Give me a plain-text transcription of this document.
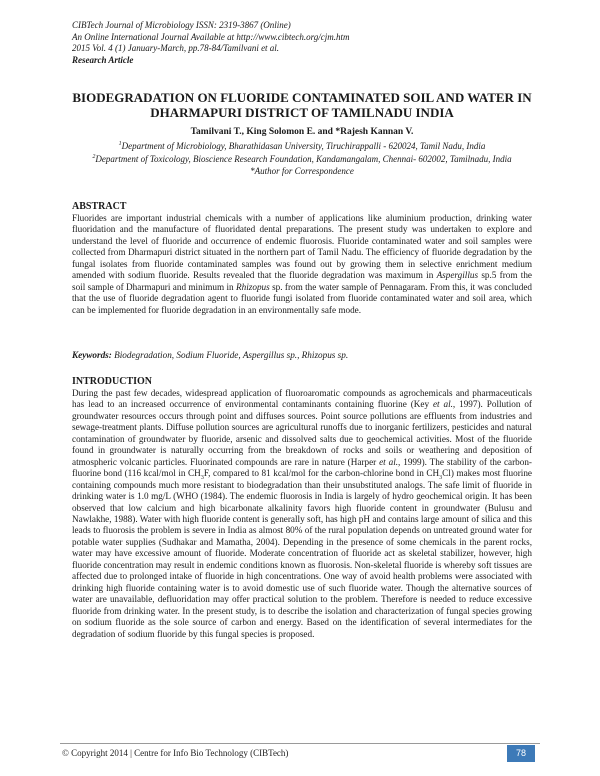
CIBTech Journal of Microbiology ISSN: 2319-3867 (Online)
An Online International Journal Available at http://www.cibtech.org/cjm.htm
2015 Vol. 4 (1) January-March, pp.78-84/Tamilvani et al.
Research Article
BIODEGRADATION ON FLUORIDE CONTAMINATED SOIL AND WATER IN DHARMAPURI DISTRICT OF TAMILNADU INDIA
Tamilvani T., King Solomon E. and *Rajesh Kannan V.
$^1$Department of Microbiology, Bharathidasan University, Tiruchirappalli - 620024, Tamil Nadu, India
$^2$Department of Toxicology, Bioscience Research Foundation, Kandamangalam, Chennai- 602002, Tamilnadu, India
*Author for Correspondence
ABSTRACT
Fluorides are important industrial chemicals with a number of applications like aluminium production, drinking water fluoridation and the manufacture of fluoridated dental preparations. The present study was undertaken to explore and understand the level of fluoride and occurrence of endemic fluorosis. Fluoride contaminated water and soil samples were collected from Dharmapuri district situated in the northern part of Tamil Nadu. The efficiency of fluoride degradation by the fungal isolates from fluoride contaminated samples was found out by growing them in selective enrichment medium amended with sodium fluoride. Results revealed that the fluoride degradation was maximum in Aspergillus sp.5 from the soil sample of Dharmapuri and minimum in Rhizopus sp. from the water sample of Pennagaram. From this, it was concluded that the use of fluoride degradation agent to fluoride fungi isolated from fluoride contaminated water and soil area, which can be implemented for fluoride degradation in an environmentally safe mode.
Keywords: Biodegradation, Sodium Fluoride, Aspergillus sp., Rhizopus sp.
INTRODUCTION
During the past few decades, widespread application of fluoroaromatic compounds as agrochemicals and pharmaceuticals has lead to an increased occurrence of environmental contaminants containing fluorine (Key et al., 1997). Pollution of groundwater resources occurs through point and diffuses sources. Point source pollutions are effluents from industries and sewage-treatment plants. Diffuse pollution sources are agricultural runoffs due to inorganic fertilizers, pesticides and natural contamination of groundwater by fluoride, arsenic and dissolved salts due to geochemical activities. Most of the fluoride found in groundwater is naturally occurring from the breakdown of rocks and soils or weathering and deposition of atmospheric volcanic particles. Fluorinated compounds are rare in nature (Harper et al., 1999). The stability of the carbon-fluorine bond (116 kcal/mol in $CH_3F$, compared to 81 kcal/mol for the carbon-chlorine bond in $CH_3Cl$) makes most fluorine containing compounds much more resistant to biodegradation than their unsubstituted analogs. The safe limit of fluoride in drinking water is 1.0 mg/L (WHO (1984). The endemic fluorosis in India is largely of hydro geochemical origin. It has been observed that low calcium and high bicarbonate alkalinity favors high fluoride content in groundwater (Bulusu and Nawlakhe, 1988). Water with high fluoride content is generally soft, has high pH and contains large amount of silica and this leads to fluorosis the problem is severe in India as almost 80% of the rural population depends on untreated ground water for potable water supplies (Sudhakar and Mamatha, 2004). Depending in the presence of some chemicals in the parent rocks, water may have excessive amount of fluoride. Moderate concentration of fluoride act as skeletal stabilizer, however, high fluoride concentration may result in endemic conditions known as fluorosis. Non-skeletal fluoride is whereby soft tissues are affected due to prolonged intake of fluoride in high concentrations. One way of avoid health problems were associated with drinking high fluoride containing water is to avoid domestic use of such fluoride water. Though the alternative sources of water are unavailable, defluoridation may offer practical solution to the problem. Therefore is needed to reduce excessive fluoride from drinking water. In the present study, is to describe the isolation and characterization of fungal species growing on sodium fluoride as the sole source of carbon and energy. Based on the identification of several intermediates for the degradation of sodium fluoride by this fungal species is proposed.
© Copyright 2014 | Centre for Info Bio Technology (CIBTech)	78
